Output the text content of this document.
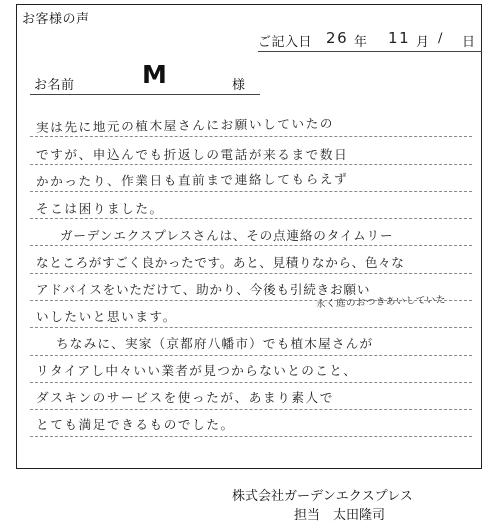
お客様の声
ご記入日 26 年 11 月 / 日
お名前	M	様
実は先に地元の植木屋さんにお願いしていたの
ですが、申込んでも折返しの電話が来るまで数日
かかったり、作業日も直前まで連絡してもらえず
そこは困りました。
ガーデンエクスプレスさんは、その点連絡のタイムリー
なところがすごく良かったです。あと、見積りなから、色々な
アドバイスをいただけて、助かり、今後も引続きお願い
いしたいと思います。
永く庭のおつきあいしていた
ちなみに、実家（京都府八幡市）でも植木屋さんが
リタイアし中々いい業者が見つからないとのこと、
ダスキンのサービスを使ったが、あまり素人で
とても満足できるものでした。
株式会社ガーデンエクスプレス
担当　太田隆司
